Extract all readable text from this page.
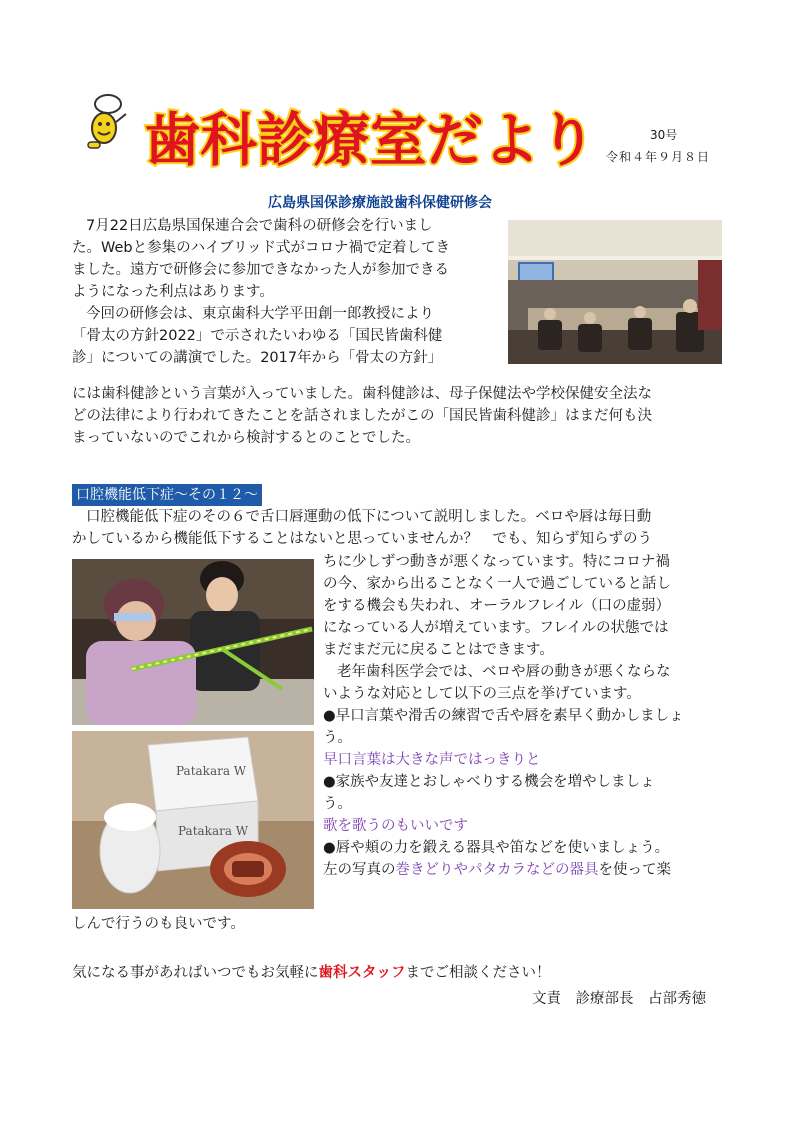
歯科診療室だより	30号
令和４年９月８日
広島県国保診療施設歯科保健研修会
7月22日広島県国保連合会で歯科の研修会を行いまし
た。Webと参集のハイブリッド式がコロナ禍で定着してき
ました。遠方で研修会に参加できなかった人が参加できる
ようになった利点はあります。
今回の研修会は、東京歯科大学平田創一郎教授により
「骨太の方針2022」で示されたいわゆる「国民皆歯科健
診」についての講演でした。2017年から「骨太の方針」
には歯科健診という言葉が入っていました。歯科健診は、母子保健法や学校保健安全法な
どの法律により行われてきたことを話されましたがこの「国民皆歯科健診」はまだ何も決
まっていないのでこれから検討するとのことでした。
口腔機能低下症～その１２～
口腔機能低下症のその６で舌口唇運動の低下について説明しました。ベロや唇は毎日動
かしているから機能低下することはないと思っていませんか？　でも、知らず知らずのう
Patakara W
Patakara W
ちに少しずつ動きが悪くなっています。特にコロナ禍
の今、家から出ることなく一人で過ごしていると話し
をする機会も失われ、オーラルフレイル（口の虚弱）
になっている人が増えています。フレイルの状態では
まだまだ元に戻ることはできます。
老年歯科医学会では、ベロや唇の動きが悪くならな
いような対応として以下の三点を挙げています。
●早口言葉や滑舌の練習で舌や唇を素早く動かしましょ
う。
早口言葉は大きな声ではっきりと
●家族や友達とおしゃべりする機会を増やしましょ
う。
歌を歌うのもいいです
●唇や頬の力を鍛える器具や笛などを使いましょう。
左の写真の巻きどりやパタカラなどの器具を使って楽
しんで行うのも良いです。
気になる事があればいつでもお気軽に歯科スタッフまでご相談ください！
文責　診療部長　占部秀徳
